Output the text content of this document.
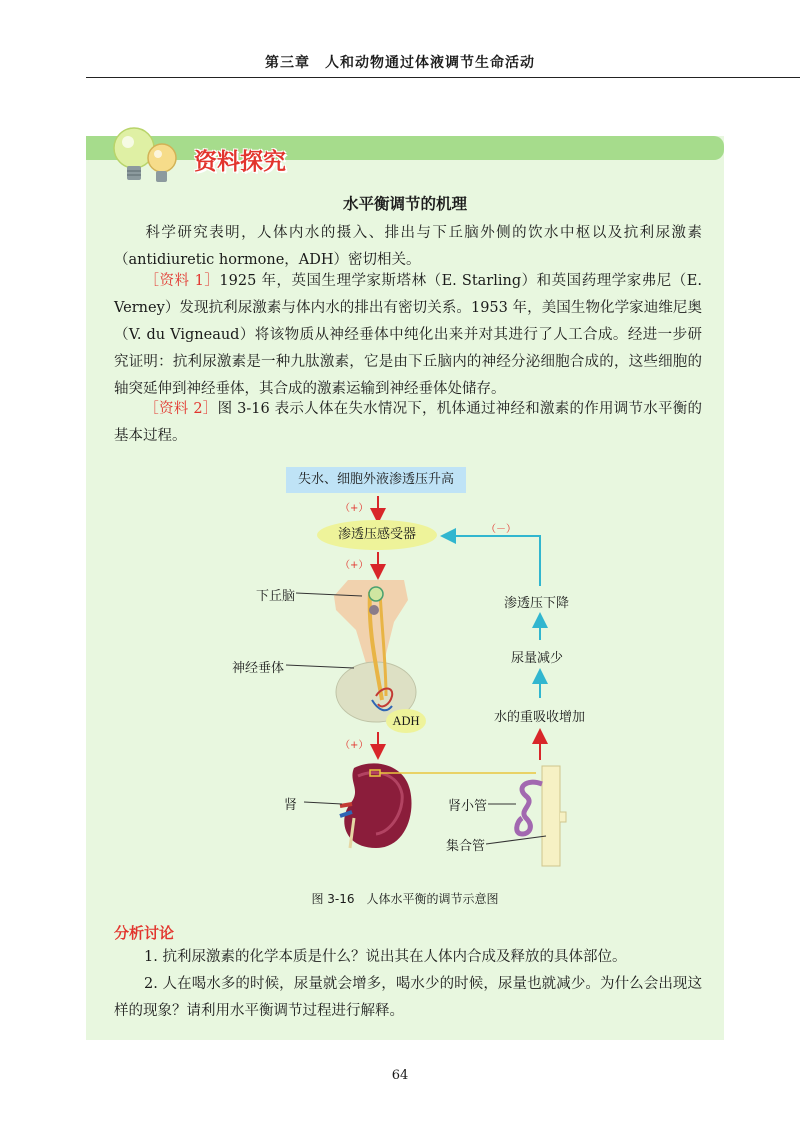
第三章　人和动物通过体液调节生命活动
资料探究
水平衡调节的机理
科学研究表明，人体内水的摄入、排出与下丘脑外侧的饮水中枢以及抗利尿激素（antidiuretic hormone，ADH）密切相关。
［资料 1］1925 年，英国生理学家斯塔林（E. Starling）和英国药理学家弗尼（E. Verney）发现抗利尿激素与体内水的排出有密切关系。1953 年，美国生物化学家迪维尼奥（V. du Vigneaud）将该物质从神经垂体中纯化出来并对其进行了人工合成。经进一步研究证明：抗利尿激素是一种九肽激素，它是由下丘脑内的神经分泌细胞合成的，这些细胞的轴突延伸到神经垂体，其合成的激素运输到神经垂体处储存。
［资料 2］图 3-16 表示人体在失水情况下，机体通过神经和激素的作用调节水平衡的基本过程。
失水、细胞外液渗透压升高
（+）
渗透压感受器
（+）
（－）
下丘脑
神经垂体
ADH
（+）
肾	肾小管
集合管
水的重吸收增加
尿量减少
渗透压下降
图 3-16　人体水平衡的调节示意图
分析讨论
1. 抗利尿激素的化学本质是什么？说出其在人体内合成及释放的具体部位。
2. 人在喝水多的时候，尿量就会增多，喝水少的时候，尿量也就减少。为什么会出现这样的现象？请利用水平衡调节过程进行解释。
64
